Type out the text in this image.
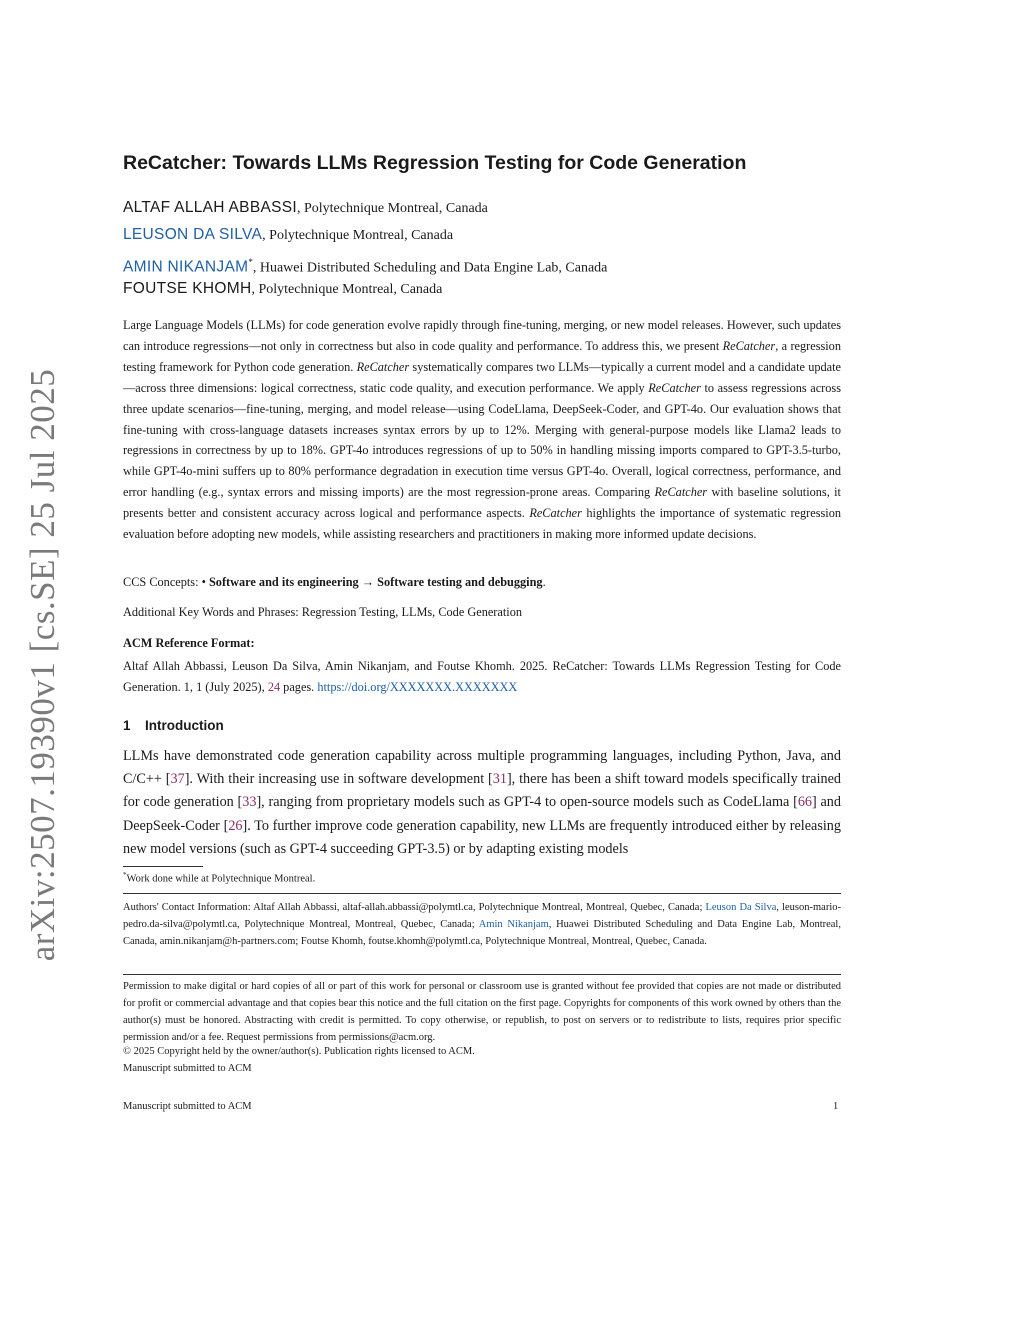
arXiv:2507.19390v1 [cs.SE] 25 Jul 2025
ReCatcher: Towards LLMs Regression Testing for Code Generation
ALTAF ALLAH ABBASSI, Polytechnique Montreal, Canada
LEUSON DA SILVA, Polytechnique Montreal, Canada
AMIN NIKANJAM*, Huawei Distributed Scheduling and Data Engine Lab, Canada
FOUTSE KHOMH, Polytechnique Montreal, Canada

Large Language Models (LLMs) for code generation evolve rapidly through fine-tuning, merging, or new model releases. However, such updates can introduce regressions—not only in correctness but also in code quality and performance. To address this, we present ReCatcher, a regression testing framework for Python code generation. ReCatcher systematically compares two LLMs—typically a current model and a candidate update—across three dimensions: logical correctness, static code quality, and execution performance. We apply ReCatcher to assess regressions across three update scenarios—fine-tuning, merging, and model release—using CodeLlama, DeepSeek-Coder, and GPT-4o. Our evaluation shows that fine-tuning with cross-language datasets increases syntax errors by up to 12%. Merging with general-purpose models like Llama2 leads to regressions in correctness by up to 18%. GPT-4o introduces regressions of up to 50% in handling missing imports compared to GPT-3.5-turbo, while GPT-4o-mini suffers up to 80% performance degradation in execution time versus GPT-4o. Overall, logical correctness, performance, and error handling (e.g., syntax errors and missing imports) are the most regression-prone areas. Comparing ReCatcher with baseline solutions, it presents better and consistent accuracy across logical and performance aspects. ReCatcher highlights the importance of systematic regression evaluation before adopting new models, while assisting researchers and practitioners in making more informed update decisions.

CCS Concepts: • Software and its engineering → Software testing and debugging.
Additional Key Words and Phrases: Regression Testing, LLMs, Code Generation
ACM Reference Format:
Altaf Allah Abbassi, Leuson Da Silva, Amin Nikanjam, and Foutse Khomh. 2025. ReCatcher: Towards LLMs Regression Testing for Code Generation. 1, 1 (July 2025), 24 pages. https://doi.org/XXXXXXX.XXXXXXX
1 Introduction

LLMs have demonstrated code generation capability across multiple programming languages, including Python, Java, and C/C++ [37]. With their increasing use in software development [31], there has been a shift toward models specifically trained for code generation [33], ranging from proprietary models such as GPT-4 to open-source models such as CodeLlama [66] and DeepSeek-Coder [26]. To further improve code generation capability, new LLMs are frequently introduced either by releasing new model versions (such as GPT-4 succeeding GPT-3.5) or by adapting existing models

*Work done while at Polytechnique Montreal.
Authors' Contact Information: Altaf Allah Abbassi, altaf-allah.abbassi@polymtl.ca, Polytechnique Montreal, Montreal, Quebec, Canada; Leuson Da Silva, leuson-mario-pedro.da-silva@polymtl.ca, Polytechnique Montreal, Montreal, Quebec, Canada; Amin Nikanjam, Huawei Distributed Scheduling and Data Engine Lab, Montreal, Canada, amin.nikanjam@h-partners.com; Foutse Khomh, foutse.khomh@polymtl.ca, Polytechnique Montreal, Montreal, Quebec, Canada.
Permission to make digital or hard copies of all or part of this work for personal or classroom use is granted without fee provided that copies are not made or distributed for profit or commercial advantage and that copies bear this notice and the full citation on the first page. Copyrights for components of this work owned by others than the author(s) must be honored. Abstracting with credit is permitted. To copy otherwise, or republish, to post on servers or to redistribute to lists, requires prior specific permission and/or a fee. Request permissions from permissions@acm.org.
© 2025 Copyright held by the owner/author(s). Publication rights licensed to ACM.
Manuscript submitted to ACM
Manuscript submitted to ACM	1
